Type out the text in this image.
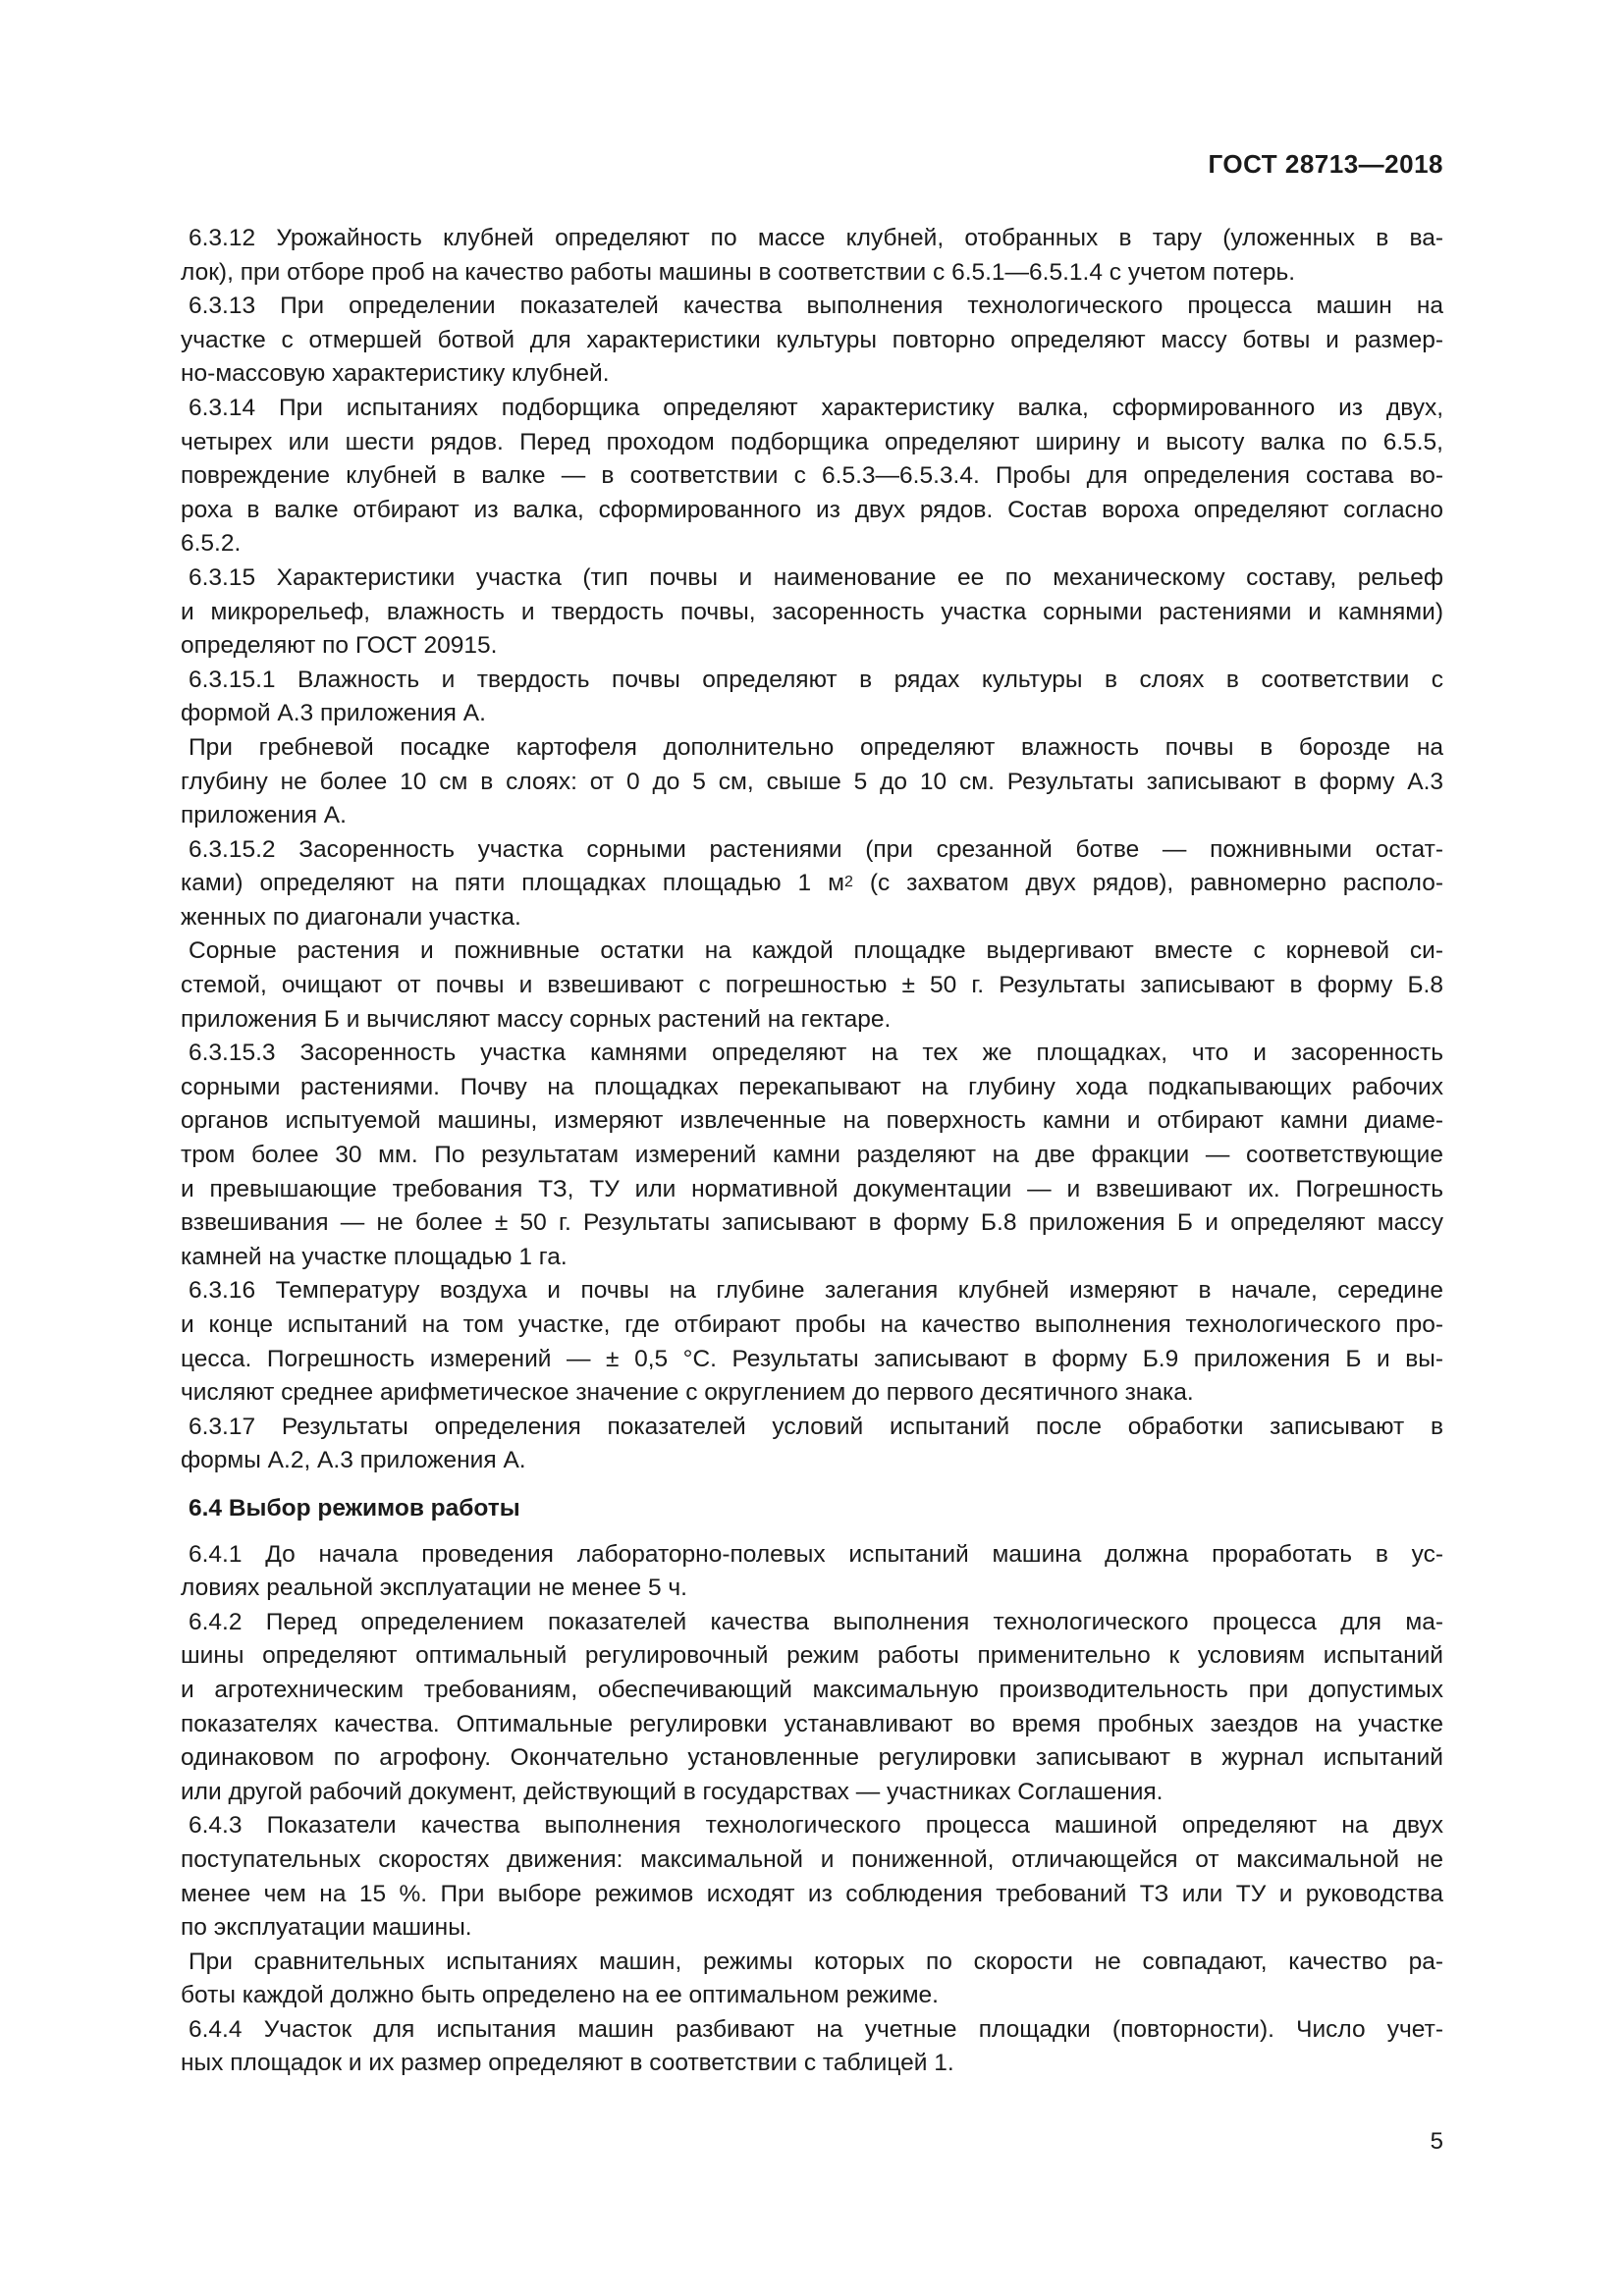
ГОСТ 28713—2018
6.3.12 Урожайность клубней определяют по массе клубней, отобранных в тару (уложенных в ва-
лок), при отборе проб на качество работы машины в соответствии с 6.5.1—6.5.1.4 с учетом потерь.
6.3.13 При определении показателей качества выполнения технологического процесса машин на
участке с отмершей ботвой для характеристики культуры повторно определяют массу ботвы и размер-
но-массовую характеристику клубней.
6.3.14 При испытаниях подборщика определяют характеристику валка, сформированного из двух,
четырех или шести рядов. Перед проходом подборщика определяют ширину и высоту валка по 6.5.5,
повреждение клубней в валке — в соответствии с 6.5.3—6.5.3.4. Пробы для определения состава во-
роха в валке отбирают из валка, сформированного из двух рядов. Состав вороха определяют согласно
6.5.2.
6.3.15 Характеристики участка (тип почвы и наименование ее по механическому составу, рельеф
и микрорельеф, влажность и твердость почвы, засоренность участка сорными растениями и камнями)
определяют по ГОСТ 20915.
6.3.15.1 Влажность и твердость почвы определяют в рядах культуры в слоях в соответствии с
формой А.3 приложения А.
При гребневой посадке картофеля дополнительно определяют влажность почвы в борозде на
глубину не более 10 см в слоях: от 0 до 5 см, свыше 5 до 10 см. Результаты записывают в форму А.3
приложения А.
6.3.15.2 Засоренность участка сорными растениями (при срезанной ботве — пожнивными остат-
ками) определяют на пяти площадках площадью 1 $м^2$ (с захватом двух рядов), равномерно располо-
женных по диагонали участка.
Сорные растения и пожнивные остатки на каждой площадке выдергивают вместе с корневой си-
стемой, очищают от почвы и взвешивают с погрешностью ± 50 г. Результаты записывают в форму Б.8
приложения Б и вычисляют массу сорных растений на гектаре.
6.3.15.3 Засоренность участка камнями определяют на тех же площадках, что и засоренность
сорными растениями. Почву на площадках перекапывают на глубину хода подкапывающих рабочих
органов испытуемой машины, измеряют извлеченные на поверхность камни и отбирают камни диаме-
тром более 30 мм. По результатам измерений камни разделяют на две фракции — соответствующие
и превышающие требования ТЗ, ТУ или нормативной документации — и взвешивают их. Погрешность
взвешивания — не более ± 50 г. Результаты записывают в форму Б.8 приложения Б и определяют массу
камней на участке площадью 1 га.
6.3.16 Температуру воздуха и почвы на глубине залегания клубней измеряют в начале, середине
и конце испытаний на том участке, где отбирают пробы на качество выполнения технологического про-
цесса. Погрешность измерений — ± 0,5 °С. Результаты записывают в форму Б.9 приложения Б и вы-
числяют среднее арифметическое значение с округлением до первого десятичного знака.
6.3.17 Результаты определения показателей условий испытаний после обработки записывают в
формы А.2, А.3 приложения А.

6.4 Выбор режимов работы

6.4.1 До начала проведения лабораторно-полевых испытаний машина должна проработать в ус-
ловиях реальной эксплуатации не менее 5 ч.
6.4.2 Перед определением показателей качества выполнения технологического процесса для ма-
шины определяют оптимальный регулировочный режим работы применительно к условиям испытаний
и агротехническим требованиям, обеспечивающий максимальную производительность при допустимых
показателях качества. Оптимальные регулировки устанавливают во время пробных заездов на участке
одинаковом по агрофону. Окончательно установленные регулировки записывают в журнал испытаний
или другой рабочий документ, действующий в государствах — участниках Соглашения.
6.4.3 Показатели качества выполнения технологического процесса машиной определяют на двух
поступательных скоростях движения: максимальной и пониженной, отличающейся от максимальной не
менее чем на 15 %. При выборе режимов исходят из соблюдения требований ТЗ или ТУ и руководства
по эксплуатации машины.
При сравнительных испытаниях машин, режимы которых по скорости не совпадают, качество ра-
боты каждой должно быть определено на ее оптимальном режиме.
6.4.4 Участок для испытания машин разбивают на учетные площадки (повторности). Число учет-
ных площадок и их размер определяют в соответствии с таблицей 1.
5
